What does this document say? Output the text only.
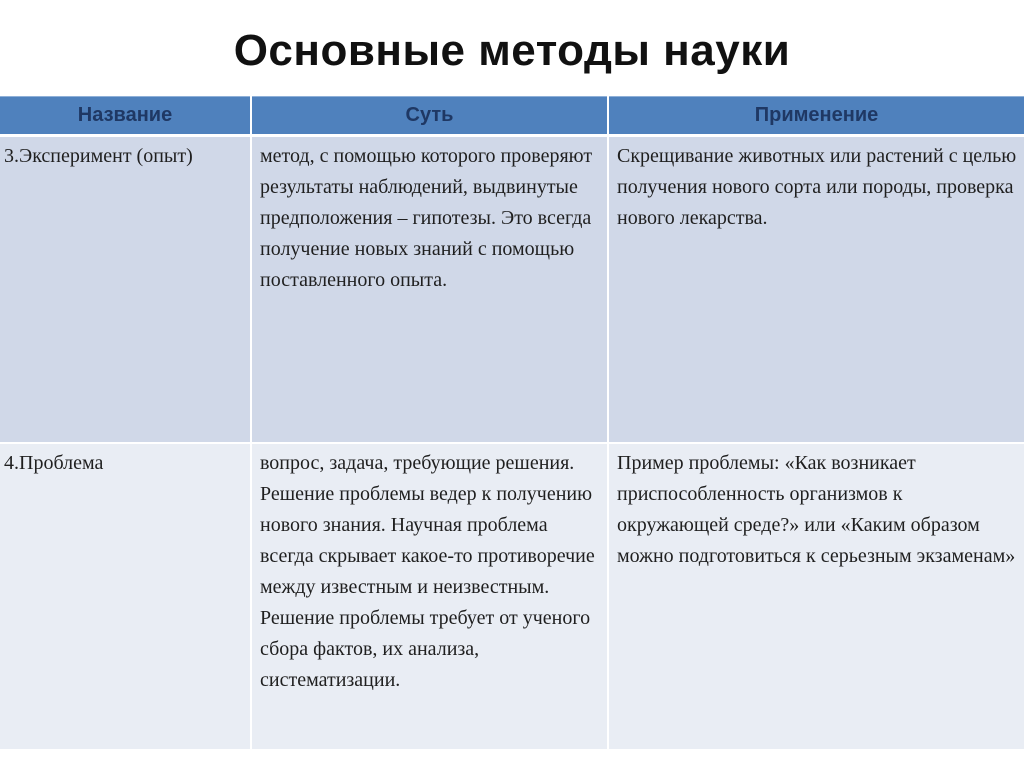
Основные методы науки
Название	Суть	Применение
3.Эксперимент (опыт)	метод, с помощью которого проверяют результаты наблюдений, выдвинутые предположения – гипотезы. Это всегда получение новых знаний с помощью поставленного опыта.	Скрещивание животных или растений с целью получения нового сорта или породы, проверка нового лекарства.
4.Проблема	вопрос, задача, требующие решения. Решение проблемы ведер к получению нового знания. Научная проблема всегда скрывает какое-то противоречие между известным и неизвестным. Решение проблемы требует от ученого сбора фактов, их анализа, систематизации.	Пример проблемы: «Как возникает приспособленность организмов к окружающей среде?» или «Каким образом можно подготовиться к серьезным экзаменам»
